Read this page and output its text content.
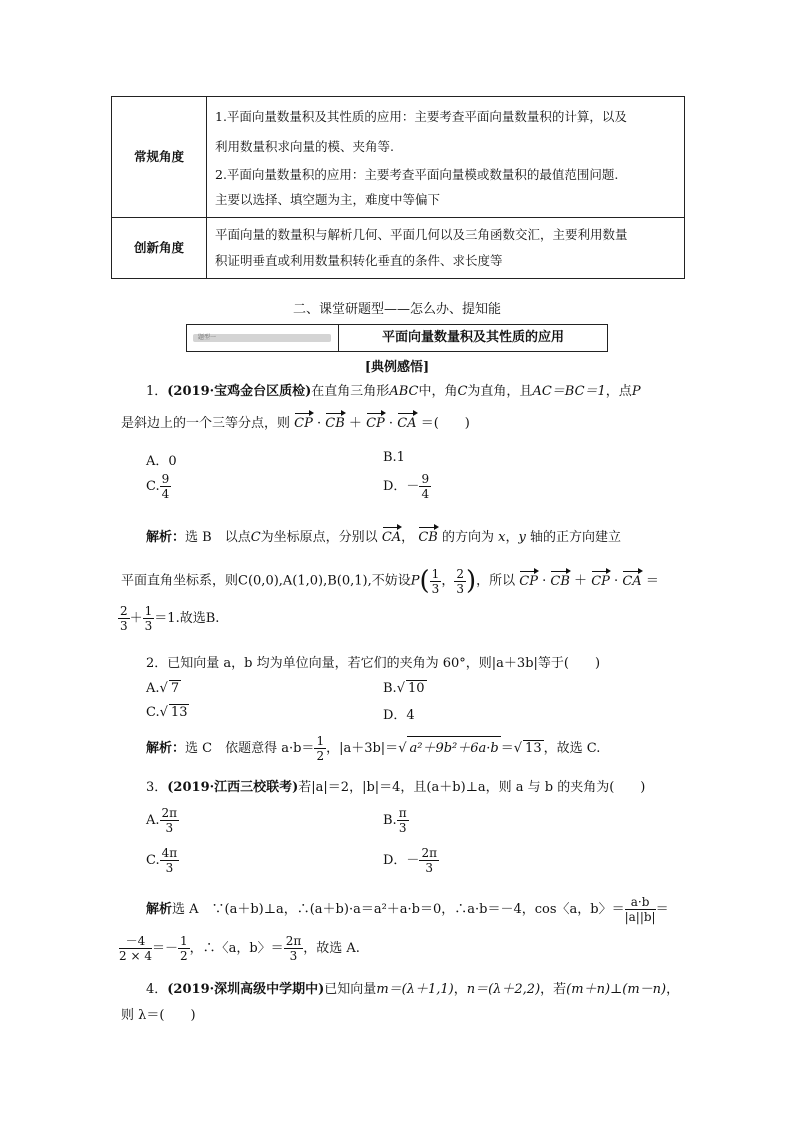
常规角度	1.平面向量数量积及其性质的应用：主要考查平面向量数量积的计算，以及

利用数量积求向量的模、夹角等.

2.平面向量数量积的应用：主要考查平面向量模或数量积的最值范围问题.

主要以选择、填空题为主，难度中等偏下

创新角度	平面向量的数量积与解析几何、平面几何以及三角函数交汇，主要利用数量

积证明垂直或利用数量积转化垂直的条件、求长度等

二、课堂研题型——怎么办、提知能
题型一	平面向量数量积及其性质的应用
[典例感悟]
1．(2019·宝鸡金台区质检)在直角三角形ABC中，角C为直角，且AC＝BC＝1，点P
是斜边上的一个三等分点，则 CP · CB ＋ CP · CA ＝(　　)
A．0	B.1
C. $\frac{9}{4}$	D．－ $\frac{9}{4}$
解析：选 B　以点C为坐标原点，分别以 CA， CB 的方向为 x，y 轴的正方向建立
平面直角坐标系，则C(0,0),A(1,0),B(0,1),不妨设$P( \frac{1}{3}$ ， $\frac{2}{3}$ )，所以 CP · CB ＋ CP · CA ＝
$\frac{2}{3} + \frac{1}{3} =1$.故选B.
2．已知向量 a，b 均为单位向量，若它们的夹角为 60°，则|a＋3b|等于(　　)
A.√ 7	B.√ 10
C.√ 13	D．4
解析：选 C　依题意得 $a\cdot b= \frac{1}{2}$ ，|a＋3b|＝√ a²＋9b²＋6a·b ＝√ 13 ，故选 C.
3．(2019·江西三校联考)若|a|＝2，|b|＝4，且(a＋b)⊥a，则 a 与 b 的夹角为(　　)
A. $\frac{2\pi}{3}$	B. $\frac{\pi}{3}$
C. $\frac{4\pi}{3}$	D．－ $\frac{2\pi}{3}$
解析选 A　∵(a＋b)⊥a，∴(a＋b)·a＝a²＋a·b＝0，∴a·b＝－4，cos〈a，b〉＝ $\frac{a\cdot b}{|a||b|}$ ＝
$\frac{-4}{2 \times 4} =- \frac{1}{2}$ ，∴〈a，b〉＝ $\frac{2\pi}{3}$ ，故选 A.
4．(2019·深圳高级中学期中)已知向量m＝(λ＋1,1)，n＝(λ＋2,2)，若(m＋n)⊥(m－n)，
则 λ＝(　　)
